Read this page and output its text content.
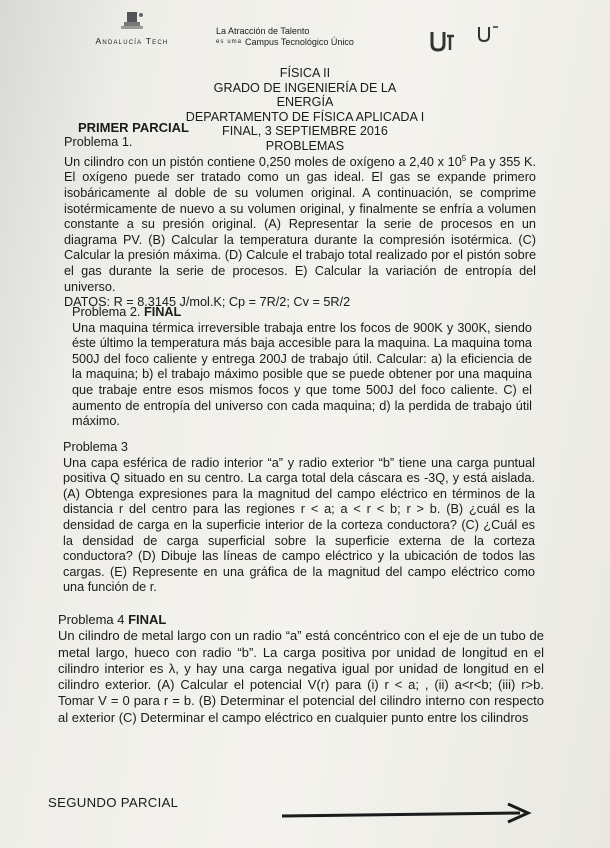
Andalucía Tech
La Atracción de Talento
es uma Campus Tecnológico Único
FÍSICA II
GRADO DE INGENIERÍA DE LA ENERGÍA
DEPARTAMENTO DE FÍSICA APLICADA I
FINAL, 3 SEPTIEMBRE 2016 PROBLEMAS
PRIMER PARCIAL
Problema 1.
Un cilindro con un pistón contiene 0,250 moles de oxígeno a 2,40 x $10^5$ Pa y 355 K. El oxígeno puede ser tratado como un gas ideal. El gas se expande primero isobáricamente al doble de su volumen original. A continuación, se comprime isotérmicamente de nuevo a su volumen original, y finalmente se enfría a volumen constante a su presión original. (A) Representar la serie de procesos en un diagrama PV. (B) Calcular la temperatura durante la compresión isotérmica. (C) Calcular la presión máxima. (D) Calcule el trabajo total realizado por el pistón sobre el gas durante la serie de procesos. E) Calcular la variación de entropía del universo.
DATOS: R = 8.3145 J/mol.K; Cp = 7R/2; Cv = 5R/2
Problema 2. FINAL
Una maquina térmica irreversible trabaja entre los focos de 900K y 300K, siendo éste último la temperatura más baja accesible para la maquina. La maquina toma 500J del foco caliente y entrega 200J de trabajo útil. Calcular: a) la eficiencia de la maquina; b) el trabajo máximo posible que se puede obtener por una maquina que trabaje entre esos mismos focos y que tome 500J del foco caliente. C) el aumento de entropía del universo con cada maquina; d) la perdida de trabajo útil máximo.
Problema 3
Una capa esférica de radio interior “a” y radio exterior “b” tiene una carga puntual positiva Q situado en su centro. La carga total dela cáscara es -3Q, y está aislada. (A) Obtenga expresiones para la magnitud del campo eléctrico en términos de la distancia r del centro para las regiones r < a; a < r < b; r > b. (B) ¿cuál es la densidad de carga en la superficie interior de la corteza conductora? (C) ¿Cuál es la densidad de carga superficial sobre la superficie externa de la corteza conductora? (D) Dibuje las líneas de campo eléctrico y la ubicación de todos las cargas. (E) Represente en una gráfica de la magnitud del campo eléctrico como una función de r.
Problema 4 FINAL
Un cilindro de metal largo con un radio “a” está concéntrico con el eje de un tubo de metal largo, hueco con radio “b”. La carga positiva por unidad de longitud en el cilindro interior es λ, y hay una carga negativa igual por unidad de longitud en el cilindro exterior. (A) Calcular el potencial V(r) para (i) r < a; , (ii) a<r<b; (iii) r>b. Tomar V = 0 para r = b. (B) Determinar el potencial del cilindro interno con respecto al exterior (C) Determinar el campo eléctrico en cualquier punto entre los cilindros
SEGUNDO PARCIAL
